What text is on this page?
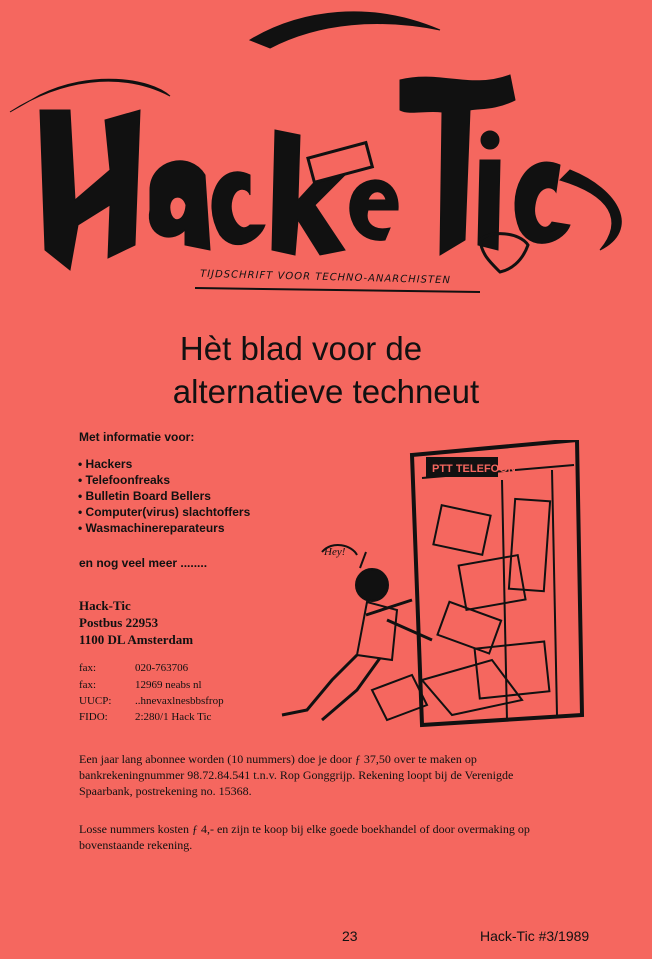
TIJDSCHRIFT VOOR TECHNO-ANARCHISTEN
Hèt blad voor de
alternatieve techneut
Met informatie voor:
• Hackers
• Telefoonfreaks
• Bulletin Board Bellers
• Computer(virus) slachtoffers
• Wasmachinereparateurs
en nog veel meer ........
Hack-Tic
Postbus 22953
1100 DL Amsterdam
fax:	020-763706
fax:	12969 neabs nl
UUCP: ..hnevaxlnesbbsfrop
FIDO: 2:280/1 Hack Tic
PTT TELEFOON
Hey!
Een jaar lang abonnee worden (10 nummers) doe je door ƒ 37,50 over te maken op bankrekeningnummer 98.72.84.541 t.n.v. Rop Gonggrijp. Rekening loopt bij de Verenigde Spaarbank, postrekening no. 15368.
Losse nummers kosten ƒ 4,- en zijn te koop bij elke goede boekhandel of door overmaking op bovenstaande rekening.
23	Hack-Tic #3/1989
